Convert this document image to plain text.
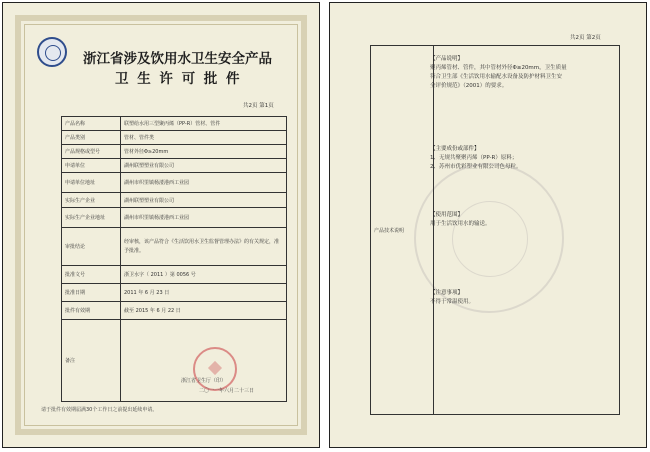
浙江省涉及饮用水卫生安全产品
卫 生 许 可 批 件
共2页 第1页
产品名称	联塑给水用三型聚丙烯（PP-R）管材、管件
产品类别	管材、管件类
产品规格或型号	管材外径Φ≥20mm
申请单位	湖州联塑塑业有限公司
申请单位地址	湖州市织里镇杨溇港西工业园
实际生产企业	湖州联塑塑业有限公司
实际生产企业地址	湖州市织里镇杨溇港西工业园
审批结论	经审核，该产品符合《生活饮用水卫生监督管理办法》的有关规定，准予批准。
批准文号	浙卫水字（ 2011 ）第 0056 号
批准日期	2011 年 6 月 23 日
批件有效期	截至 2015 年 6 月 22 日
备注	
浙江省卫生厅（印）
二〇一一年六月二十三日
请于批件有效期届满30个工作日之前提出延续申请。
共2页 第2页
产品技术说明	
【产品说明】
聚丙烯管材、管件，其中管材外径Φ≥20mm，卫生质量
符合卫生部《生活饮用水输配水设备及防护材料卫生安
全评价规范》（2001）的要求。
【主要成份或部件】
1、无规共聚聚丙烯（PP-R）原料；
2、苏州市优彩塑业有限公司色母粒。
【使用范围】
用于生活饮用水的输送。
【注意事项】
不得于常温使用。
